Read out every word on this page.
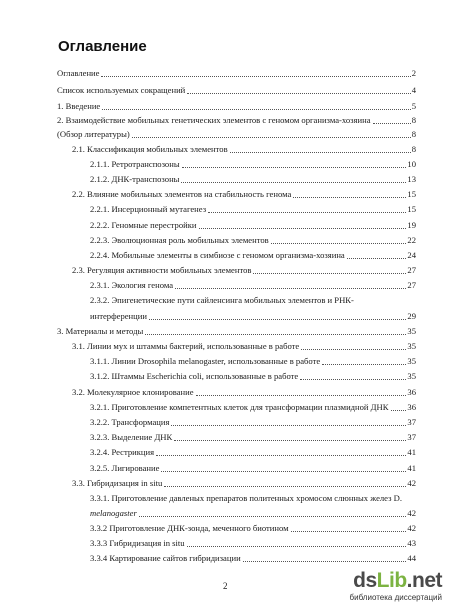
Оглавление
Оглавление	2
Список используемых сокращений	4
1. Введение	5
2. Взаимодействие мобильных генетических элементов с геномом организма-хозяина	8
(Обзор литературы)	8
2.1. Классификация мобильных элементов	8
2.1.1. Ретротранспозоны	10
2.1.2. ДНК-транспозоны	13
2.2. Влияние мобильных элементов на стабильность генома	15
2.2.1. Инсерционный мутагенез	15
2.2.2. Геномные перестройки	19
2.2.3. Эволюционная роль мобильных элементов	22
2.2.4. Мобильные элементы в симбиозе с геномом организма-хозяина	24
2.3. Регуляция активности мобильных элементов	27
2.3.1. Экология генома	27
2.3.2. Эпигенетические пути сайленсинга мобильных элементов и РНК-
интерференции	29
3. Материалы и методы	35
3.1. Линии мух и штаммы бактерий, использованные в работе	35
3.1.1. Линии Drosophila melanogaster, использованные в работе	35
3.1.2. Штаммы Escherichia coli, использованные в работе	35
3.2. Молекулярное клонирование	36
3.2.1. Приготовление компетентных клеток для трансформации плазмидной ДНК 36
3.2.2. Трансформация	37
3.2.3. Выделение ДНК	37
3.2.4. Рестрикция	41
3.2.5. Лигирование	41
3.3. Гибридизация in situ	42
3.3.1. Приготовление давленых препаратов политенных хромосом слюнных желез D.
melanogaster	42
3.3.2 Приготовление ДНК-зонда, меченного биотином	42
3.3.3 Гибридизация in situ	43
3.3.4 Картирование сайтов гибридизации	44
2	dsLib.net
библиотека диссертаций
